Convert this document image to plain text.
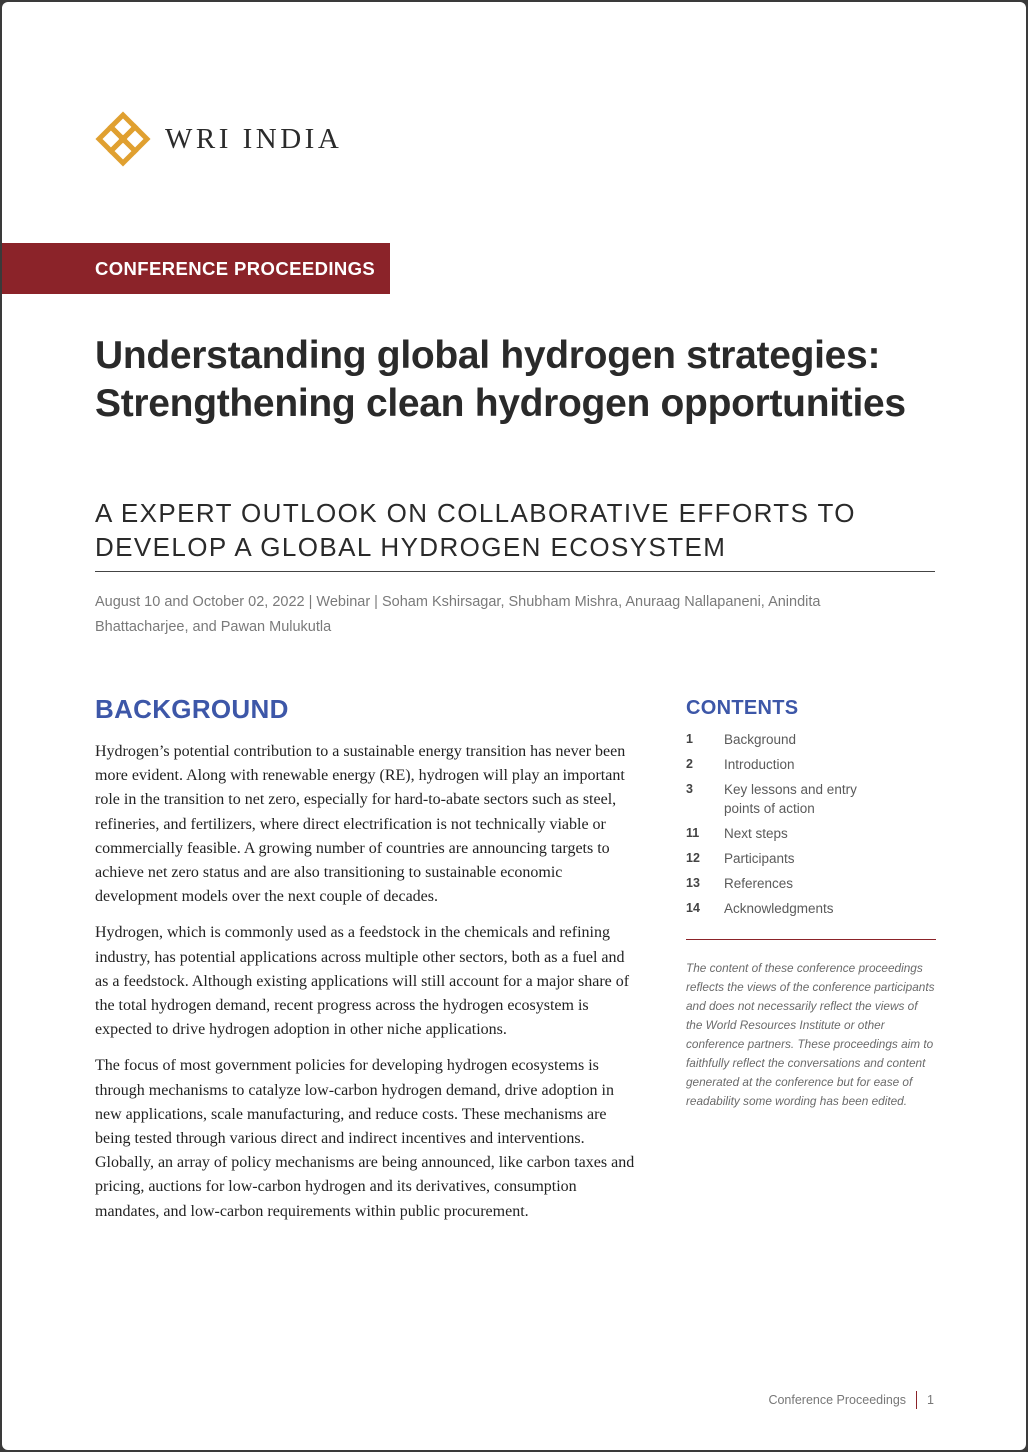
WRI INDIA
CONFERENCE PROCEEDINGS
Understanding global hydrogen strategies: Strengthening clean hydrogen opportunities
A EXPERT OUTLOOK ON COLLABORATIVE EFFORTS TO DEVELOP A GLOBAL HYDROGEN ECOSYSTEM
August 10 and October 02, 2022 | Webinar | Soham Kshirsagar, Shubham Mishra, Anuraag Nallapaneni, Anindita Bhattacharjee, and Pawan Mulukutla
BACKGROUND

Hydrogen’s potential contribution to a sustainable energy transition has never been more evident. Along with renewable energy (RE), hydrogen will play an important role in the transition to net zero, especially for hard-to-abate sectors such as steel, refineries, and fertilizers, where direct electrification is not technically viable or commercially feasible. A growing number of countries are announcing targets to achieve net zero status and are also transitioning to sustainable economic development models over the next couple of decades.

Hydrogen, which is commonly used as a feedstock in the chemicals and refining industry, has potential applications across multiple other sectors, both as a fuel and as a feedstock. Although existing applications will still account for a major share of the total hydrogen demand, recent progress across the hydrogen ecosystem is expected to drive hydrogen adoption in other niche applications.

The focus of most government policies for developing hydrogen ecosystems is through mechanisms to catalyze low-carbon hydrogen demand, drive adoption in new applications, scale manufacturing, and reduce costs. These mechanisms are being tested through various direct and indirect incentives and interventions. Globally, an array of policy mechanisms are being announced, like carbon taxes and pricing, auctions for low-carbon hydrogen and its derivatives, consumption mandates, and low-carbon requirements within public procurement.

CONTENTS
1	Background
2	Introduction
3	Key lessons and entry points of action
11	Next steps
12	Participants
13	References
14	Acknowledgments
The content of these conference proceedings reflects the views of the conference participants and does not necessarily reflect the views of the World Resources Institute or other conference partners. These proceedings aim to faithfully reflect the conversations and content generated at the conference but for ease of readability some wording has been edited.
Conference Proceedings 1
